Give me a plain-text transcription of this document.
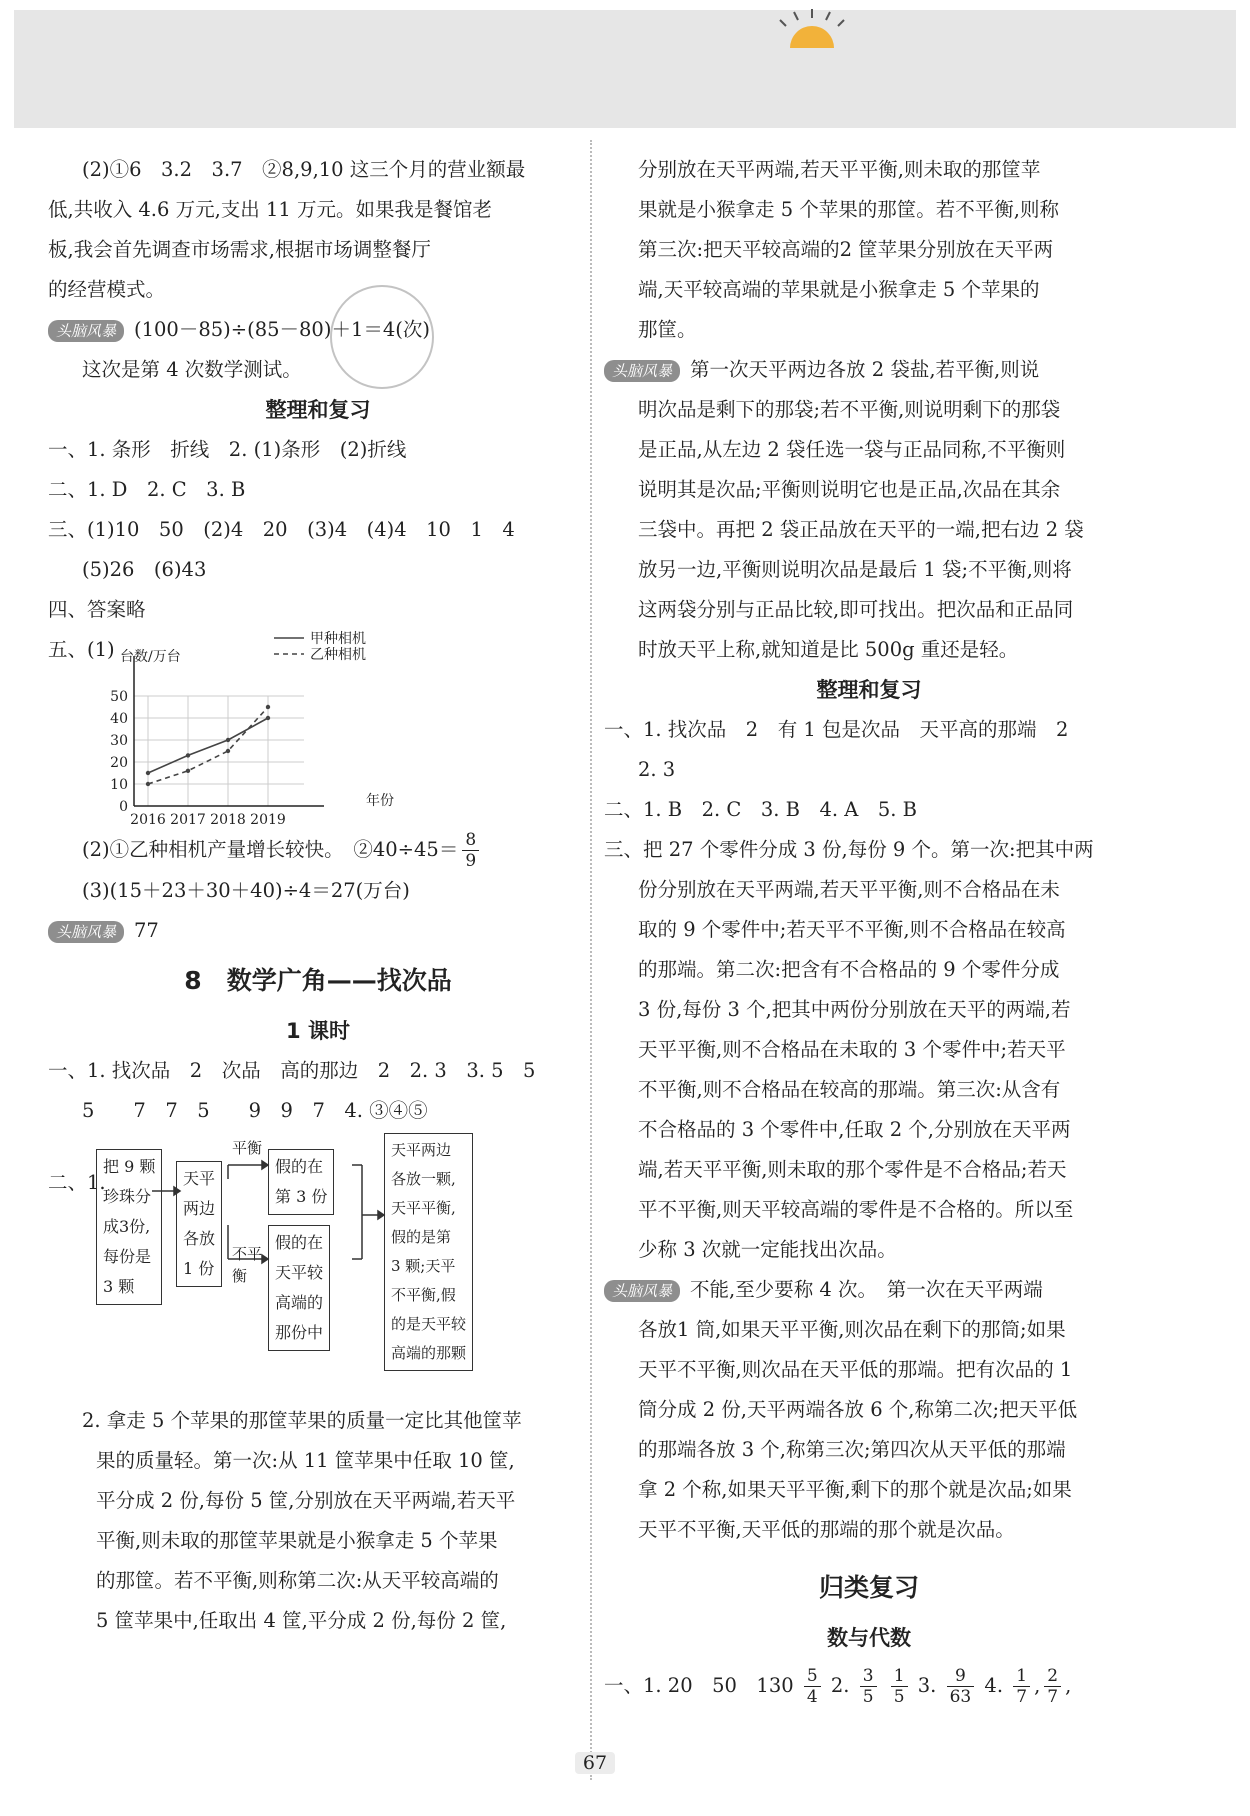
(2)①6　3.2　3.7　②8,9,10 这三个月的营业额最

低,共收入 4.6 万元,支出 11 万元。如果我是餐馆老

板,我会首先调查市场需求,根据市场调整餐厅

的经营模式。

头脑风暴 (100－85)÷(85－80)＋1＝4(次)

这次是第 4 次数学测试。

整理和复习

一、1. 条形　折线　2. (1)条形　(2)折线

二、1. D　2. C　3. B

三、(1)10　50　(2)4　20　(3)4　(4)4　10　1　4

(5)26　(6)43

四、答案略

五、(1)

0
10
20
30
40
50
2016 2017 2018 2019
台数/万台
甲种相机
乙种相机
年份

(2)①乙种相机产量增长较快。　②40÷45＝ $\frac{8}{9}$

(3)(15＋23＋30＋40)÷4＝27(万台)

头脑风暴 77

8　数学广角——找次品
1 课时

一、1. 找次品　2　次品　高的那边　2　2. 3　3. 5　5

5　　7　7　5　　9　9　7　4. ③④⑤

二、1.
把 9 颗
珍珠分
成3份,
每份是
3 颗
天平
两边
各放
1 份
假的在
第 3 份
假的在
天平较
高端的
那份中
天平两边
各放一颗,
天平平衡,
假的是第
3 颗;天平
不平衡,假
的是天平较
高端的那颗
平衡
不平
衡

2. 拿走 5 个苹果的那筐苹果的质量一定比其他筐苹

果的质量轻。第一次:从 11 筐苹果中任取 10 筐,

平分成 2 份,每份 5 筐,分别放在天平两端,若天平

平衡,则未取的那筐苹果就是小猴拿走 5 个苹果

的那筐。若不平衡,则称第二次:从天平较高端的

5 筐苹果中,任取出 4 筐,平分成 2 份,每份 2 筐,

分别放在天平两端,若天平平衡,则未取的那筐苹

果就是小猴拿走 5 个苹果的那筐。若不平衡,则称

第三次:把天平较高端的2 筐苹果分别放在天平两

端,天平较高端的苹果就是小猴拿走 5 个苹果的

那筐。

头脑风暴 第一次天平两边各放 2 袋盐,若平衡,则说

明次品是剩下的那袋;若不平衡,则说明剩下的那袋

是正品,从左边 2 袋任选一袋与正品同称,不平衡则

说明其是次品;平衡则说明它也是正品,次品在其余

三袋中。再把 2 袋正品放在天平的一端,把右边 2 袋

放另一边,平衡则说明次品是最后 1 袋;不平衡,则将

这两袋分别与正品比较,即可找出。把次品和正品同

时放天平上称,就知道是比 500g 重还是轻。

整理和复习

一、1. 找次品　2　有 1 包是次品　天平高的那端　2

2. 3

二、1. B　2. C　3. B　4. A　5. B

三、把 27 个零件分成 3 份,每份 9 个。第一次:把其中两

份分别放在天平两端,若天平平衡,则不合格品在未

取的 9 个零件中;若天平不平衡,则不合格品在较高

的那端。第二次:把含有不合格品的 9 个零件分成

3 份,每份 3 个,把其中两份分别放在天平的两端,若

天平平衡,则不合格品在未取的 3 个零件中;若天平

不平衡,则不合格品在较高的那端。第三次:从含有

不合格品的 3 个零件中,任取 2 个,分别放在天平两

端,若天平平衡,则未取的那个零件是不合格品;若天

平不平衡,则天平较高端的零件是不合格的。所以至

少称 3 次就一定能找出次品。

头脑风暴 不能,至少要称 4 次。　第一次在天平两端

各放1 筒,如果天平平衡,则次品在剩下的那筒;如果

天平不平衡,则次品在天平低的那端。把有次品的 1

筒分成 2 份,天平两端各放 6 个,称第二次;把天平低

的那端各放 3 个,称第三次;第四次从天平低的那端

拿 2 个称,如果天平平衡,剩下的那个就是次品;如果

天平不平衡,天平低的那端的那个就是次品。

归类复习
数与代数

一、1. 20　50　$130 \frac{5}{4} 2$. $\frac{3}{5}$
$\frac{1}{5} 3$. $\frac{9}{63} 4$. $\frac{1}{7}$ , $\frac{2}{7}$ ,

67
